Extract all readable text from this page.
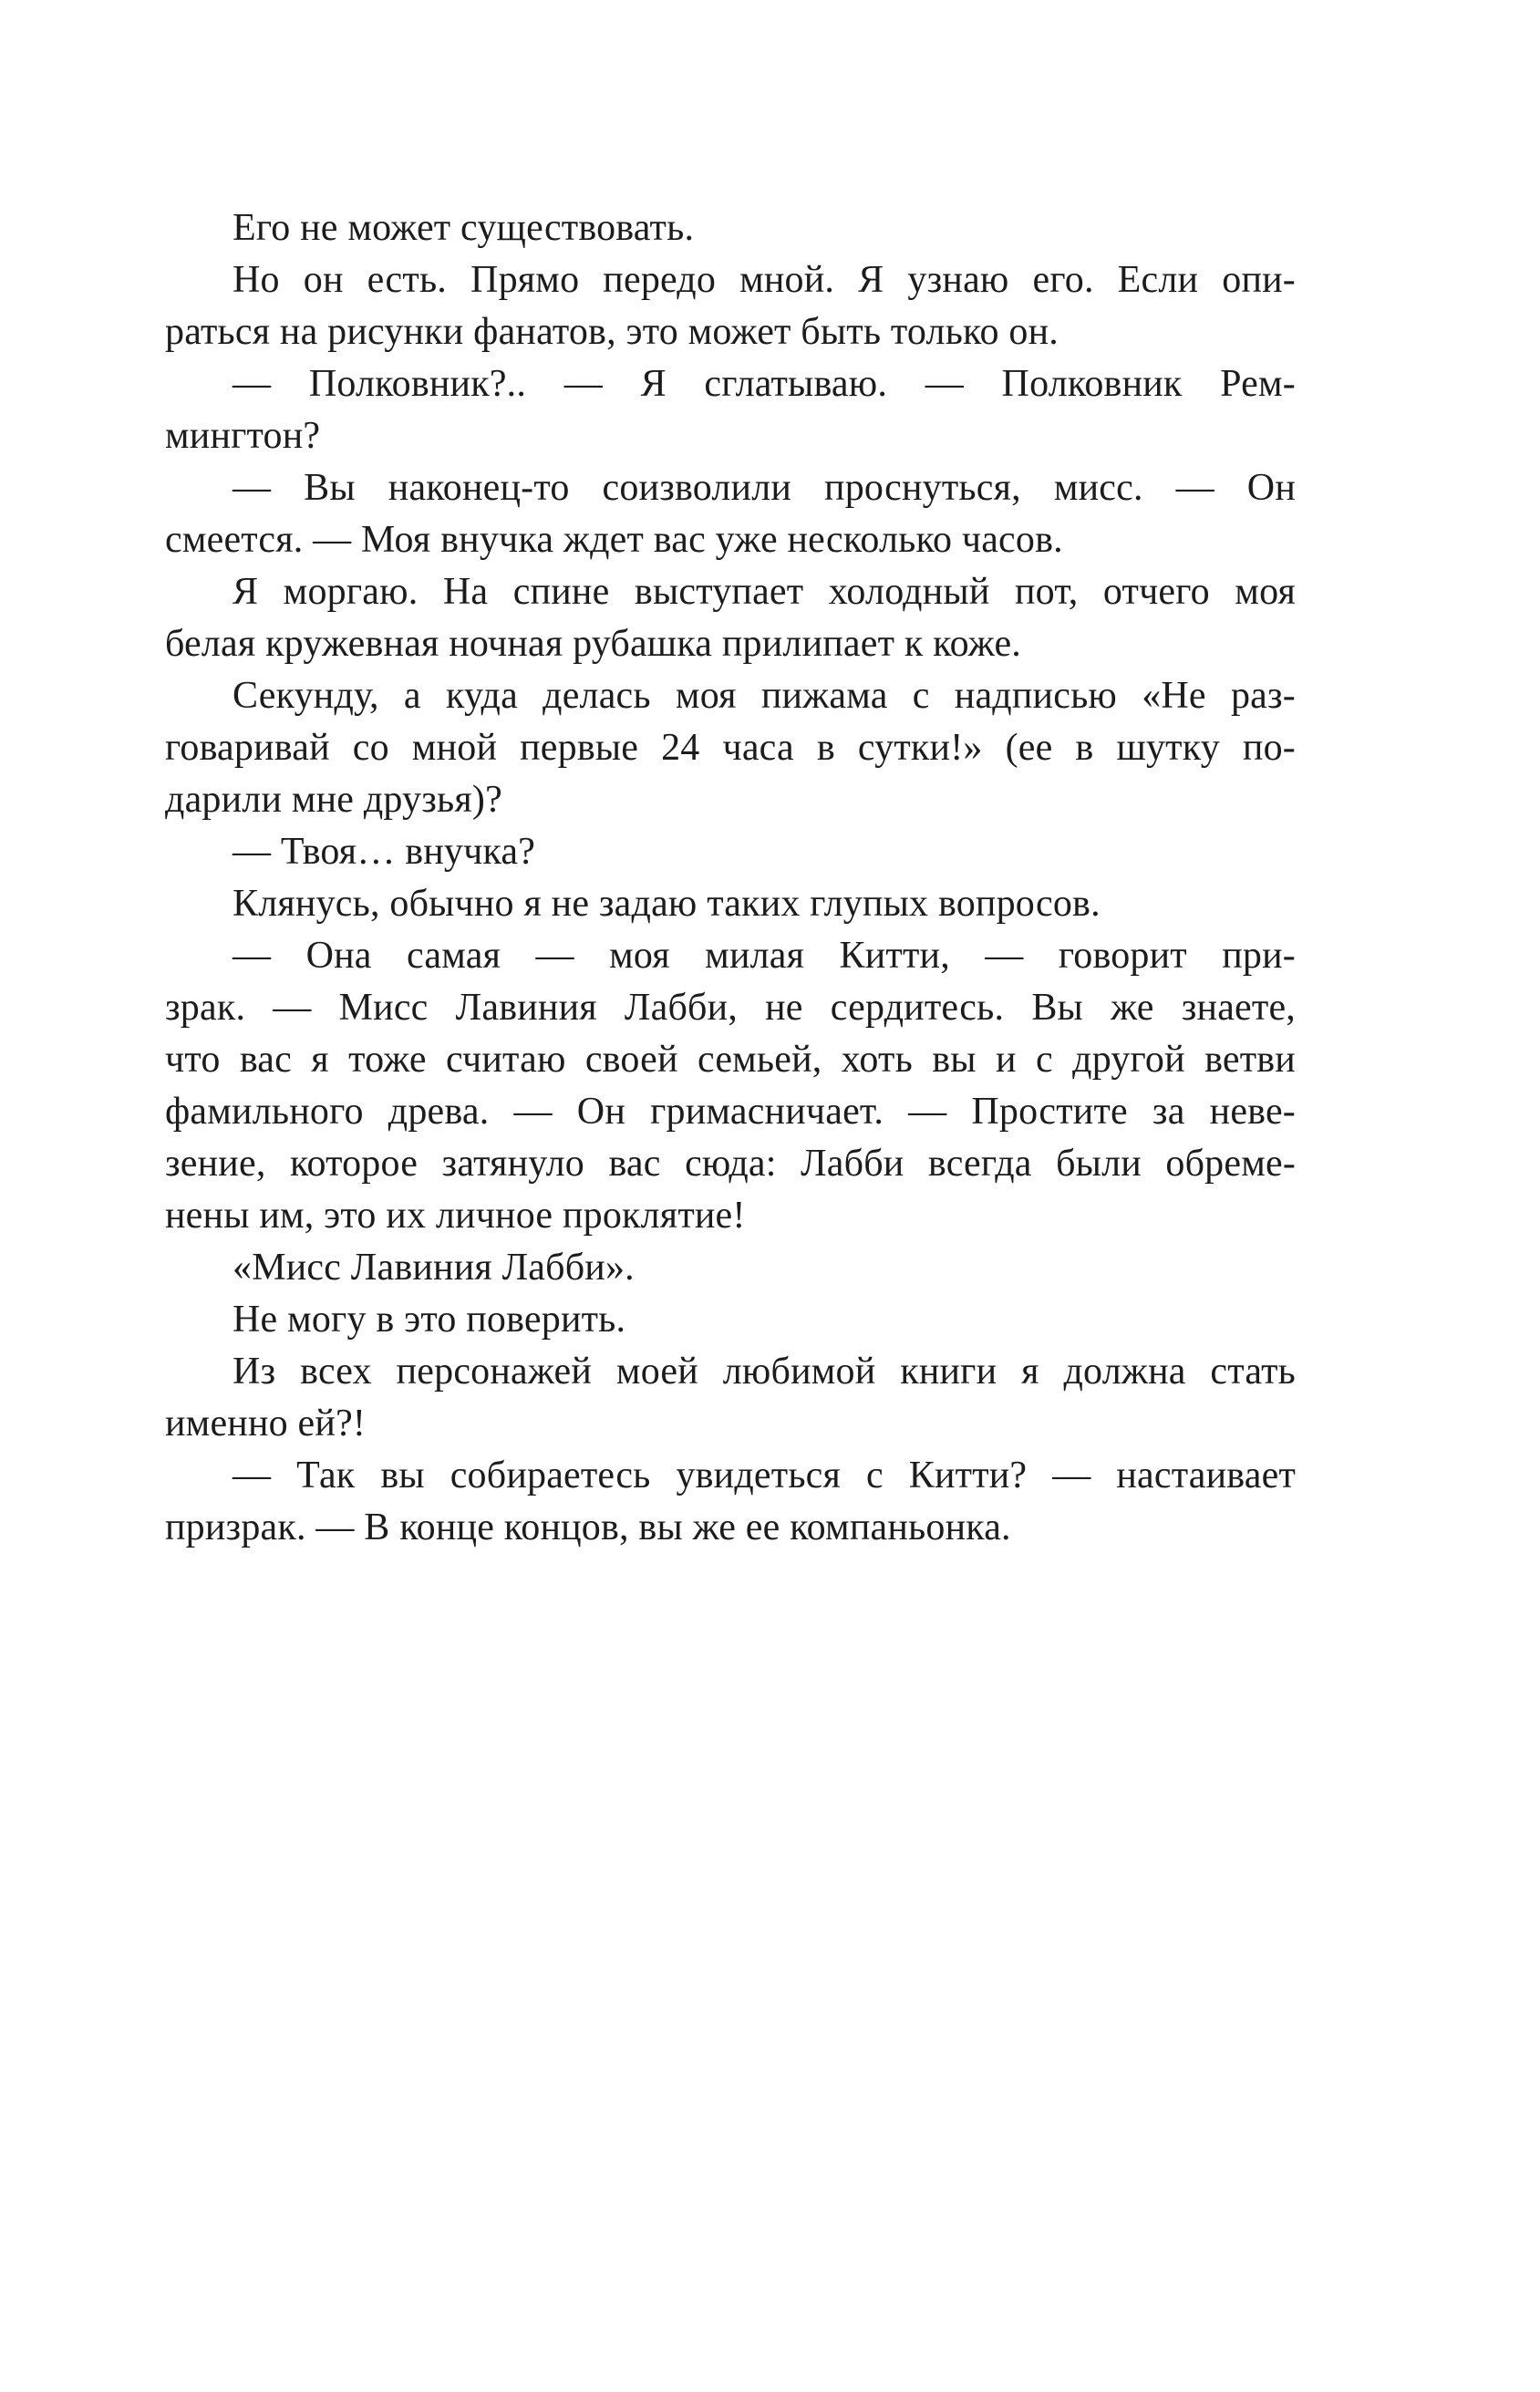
Его не может существовать.
Но он есть. Прямо передо мной. Я узнаю его. Если опи-
раться на рисунки фанатов, это может быть только он.
— Полковник?.. — Я сглатываю. — Полковник Рем-
мингтон?
— Вы наконец-то соизволили проснуться, мисс. — Он
смеется. — Моя внучка ждет вас уже несколько часов.
Я моргаю. На спине выступает холодный пот, отчего моя
белая кружевная ночная рубашка прилипает к коже.
Секунду, а куда делась моя пижама с надписью «Не раз-
говаривай со мной первые 24 часа в сутки!» (ее в шутку по-
дарили мне друзья)?
— Твоя… внучка?
Клянусь, обычно я не задаю таких глупых вопросов.
— Она самая — моя милая Китти, — говорит при-
зрак. — Мисс Лавиния Лабби, не сердитесь. Вы же знаете,
что вас я тоже считаю своей семьей, хоть вы и с другой ветви
фамильного древа. — Он гримасничает. — Простите за неве-
зение, которое затянуло вас сюда: Лабби всегда были обреме-
нены им, это их личное проклятие!
«Мисс Лавиния Лабби».
Не могу в это поверить.
Из всех персонажей моей любимой книги я должна стать
именно ей?!
— Так вы собираетесь увидеться с Китти? — настаивает
призрак. — В конце концов, вы же ее компаньонка.
